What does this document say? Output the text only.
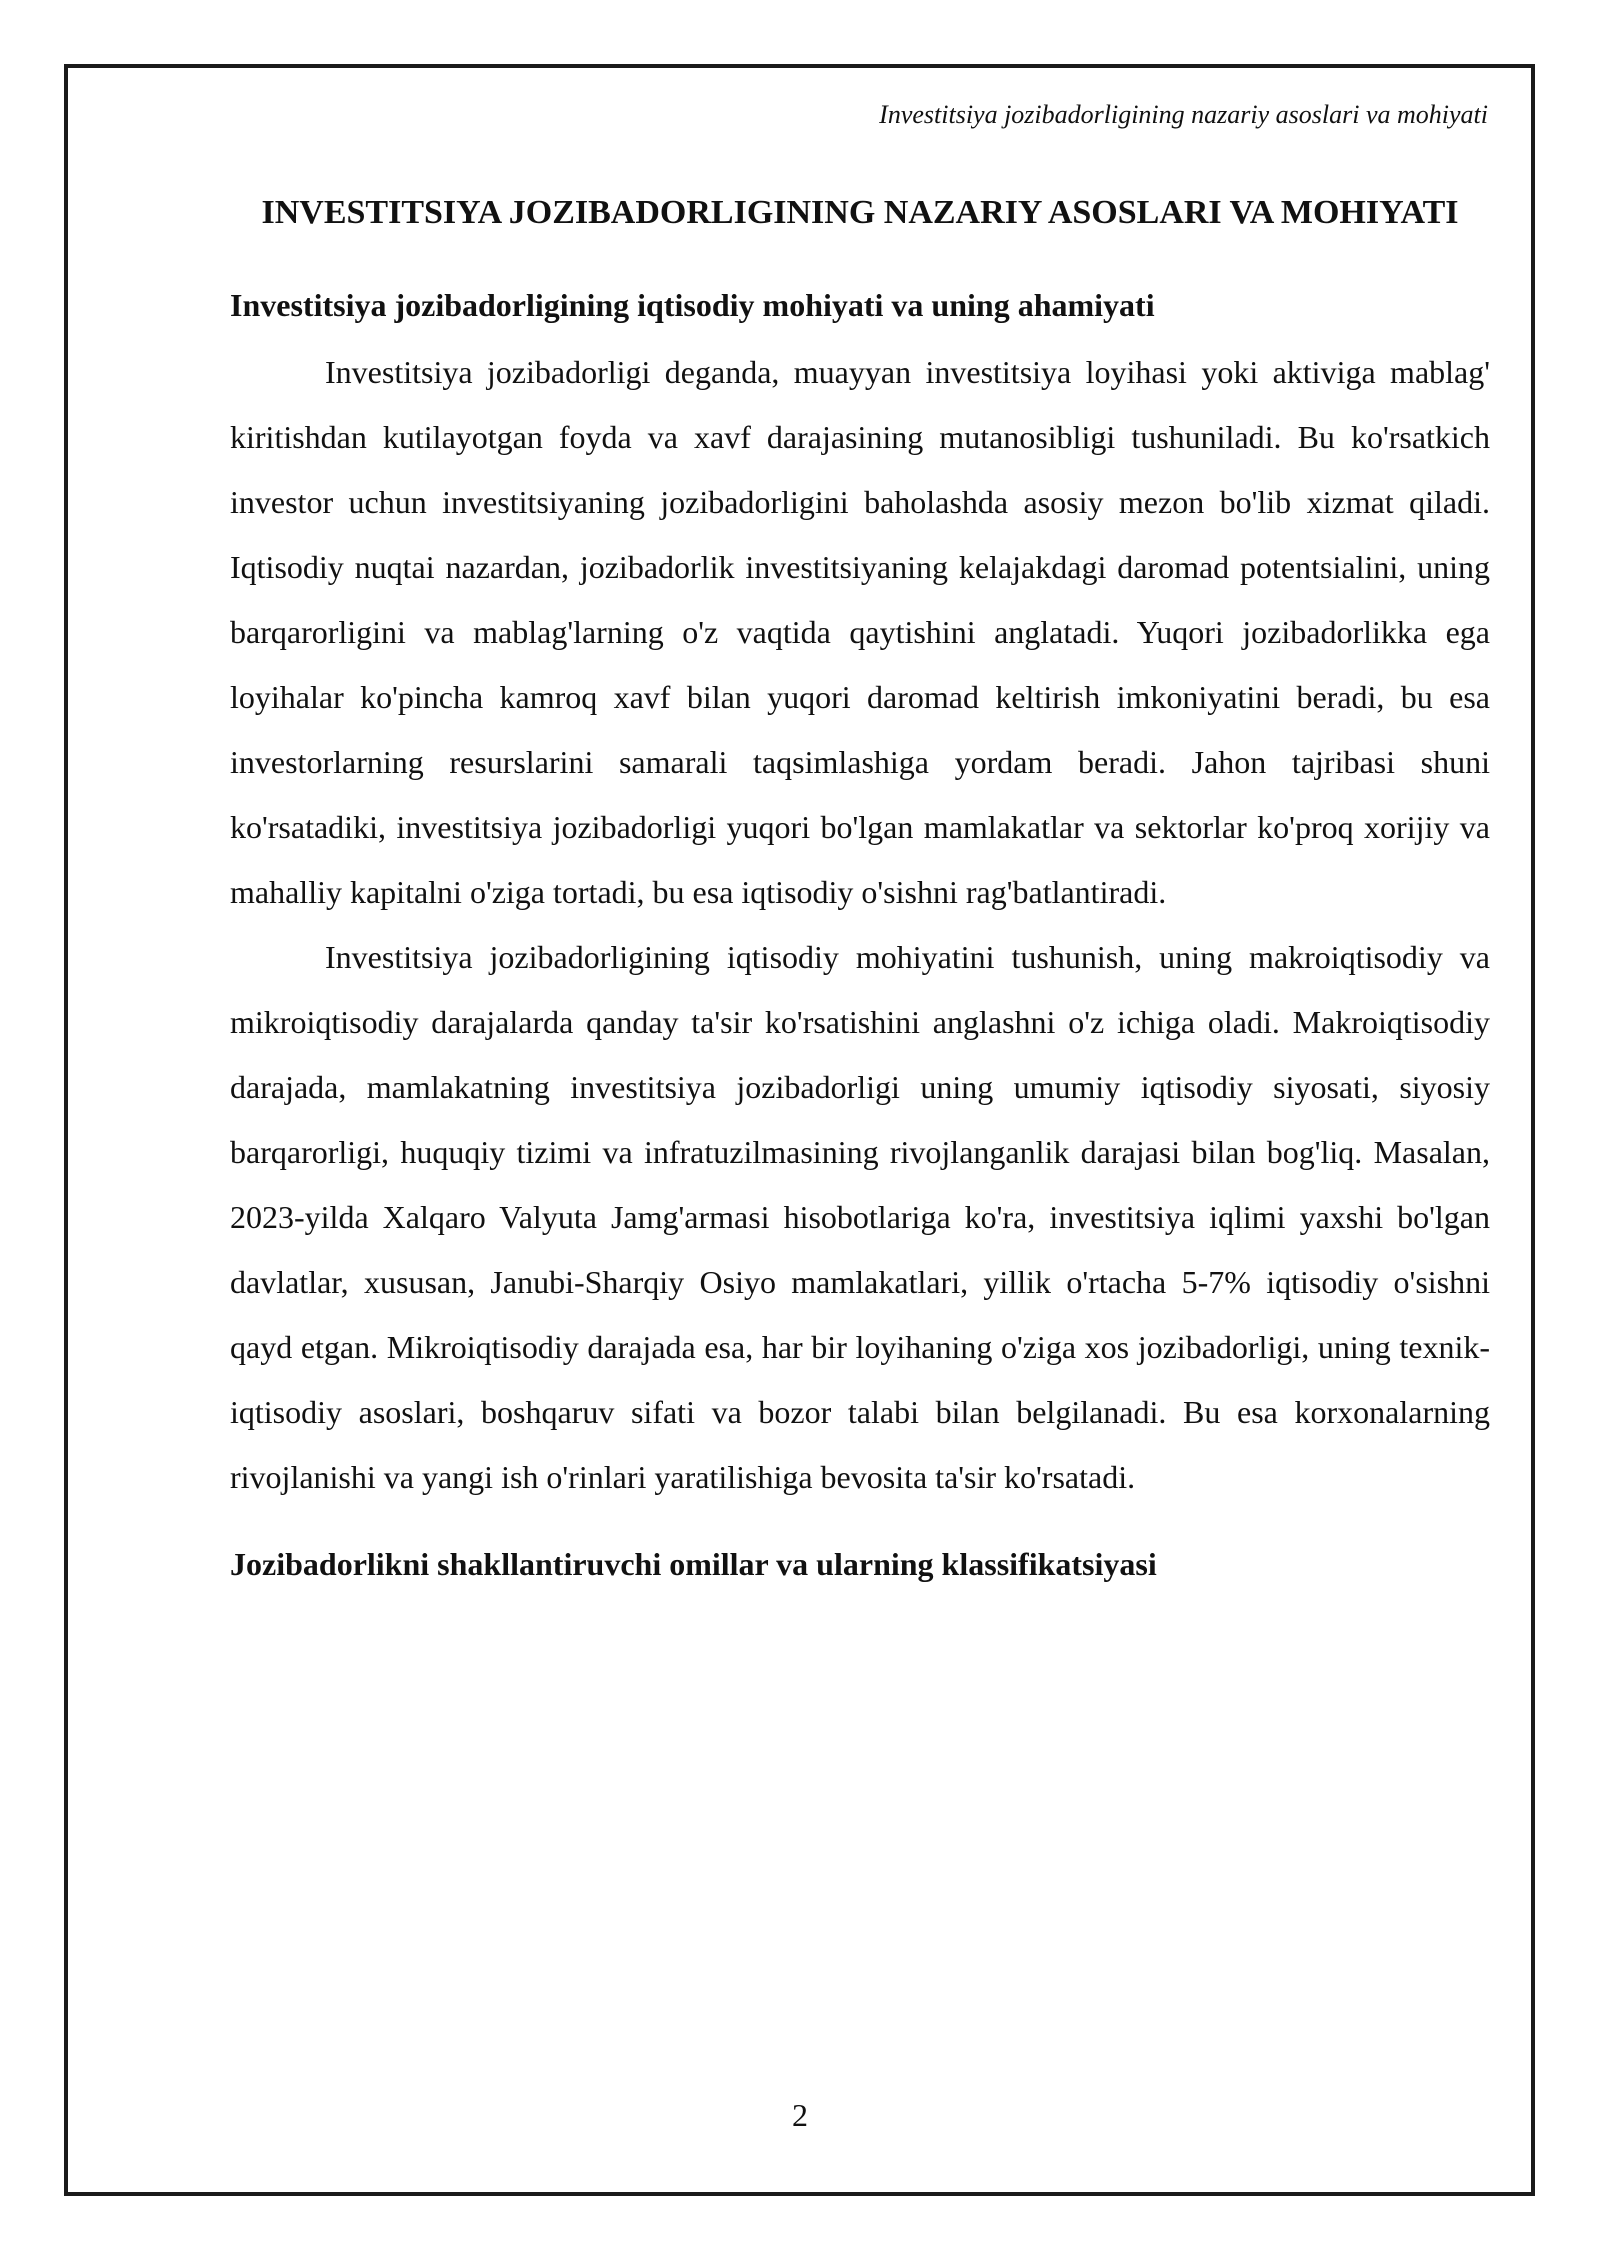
Investitsiya jozibadorligining nazariy asoslari va mohiyati
INVESTITSIYA JOZIBADORLIGINING NAZARIY ASOSLARI VA MOHIYATI
Investitsiya jozibadorligining iqtisodiy mohiyati va uning ahamiyati

Investitsiya jozibadorligi deganda, muayyan investitsiya loyihasi yoki aktiviga mablag' kiritishdan kutilayotgan foyda va xavf darajasining mutanosibligi tushuniladi. Bu ko'rsatkich investor uchun investitsiyaning jozibadorligini baholashda asosiy mezon bo'lib xizmat qiladi. Iqtisodiy nuqtai nazardan, jozibadorlik investitsiyaning kelajakdagi daromad potentsialini, uning barqarorligini va mablag'larning o'z vaqtida qaytishini anglatadi. Yuqori jozibadorlikka ega loyihalar ko'pincha kamroq xavf bilan yuqori daromad keltirish imkoniyatini beradi, bu esa investorlarning resurslarini samarali taqsimlashiga yordam beradi. Jahon tajribasi shuni ko'rsatadiki, investitsiya jozibadorligi yuqori bo'lgan mamlakatlar va sektorlar ko'proq xorijiy va mahalliy kapitalni o'ziga tortadi, bu esa iqtisodiy o'sishni rag'batlantiradi.

Investitsiya jozibadorligining iqtisodiy mohiyatini tushunish, uning makroiqtisodiy va mikroiqtisodiy darajalarda qanday ta'sir ko'rsatishini anglashni o'z ichiga oladi. Makroiqtisodiy darajada, mamlakatning investitsiya jozibadorligi uning umumiy iqtisodiy siyosati, siyosiy barqarorligi, huquqiy tizimi va infratuzilmasining rivojlanganlik darajasi bilan bog'liq. Masalan, 2023-yilda Xalqaro Valyuta Jamg'armasi hisobotlariga ko'ra, investitsiya iqlimi yaxshi bo'lgan davlatlar, xususan, Janubi-Sharqiy Osiyo mamlakatlari, yillik o'rtacha 5-7% iqtisodiy o'sishni qayd etgan. Mikroiqtisodiy darajada esa, har bir loyihaning o'ziga xos jozibadorligi, uning texnik-iqtisodiy asoslari, boshqaruv sifati va bozor talabi bilan belgilanadi. Bu esa korxonalarning rivojlanishi va yangi ish o'rinlari yaratilishiga bevosita ta'sir ko'rsatadi.

Jozibadorlikni shakllantiruvchi omillar va ularning klassifikatsiyasi
2
